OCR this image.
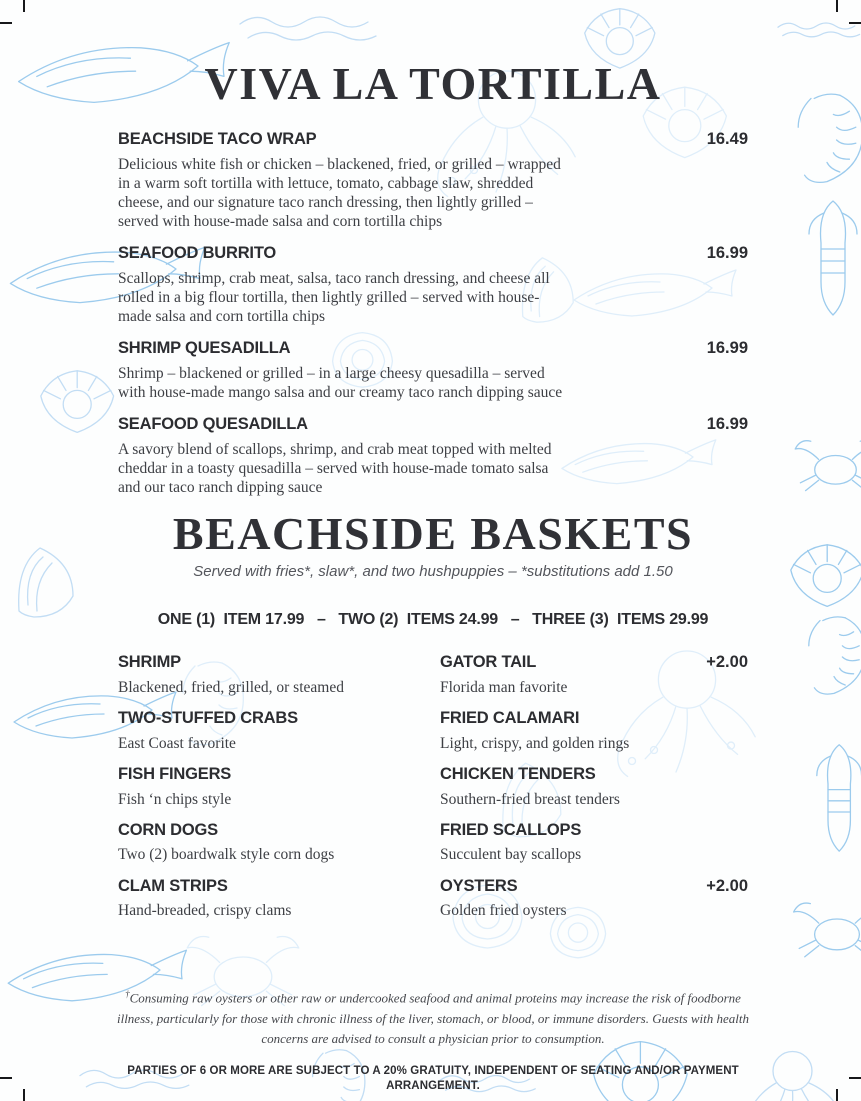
VIVA LA TORTILLA
BEACHSIDE TACO WRAP	16.49

Delicious white fish or chicken – blackened, fried, or grilled – wrapped in a warm soft tortilla with lettuce, tomato, cabbage slaw, shredded cheese, and our signature taco ranch dressing, then lightly grilled – served with house-made salsa and corn tortilla chips

SEAFOOD BURRITO	16.99

Scallops, shrimp, crab meat, salsa, taco ranch dressing, and cheese all rolled in a big flour tortilla, then lightly grilled – served with house-made salsa and corn tortilla chips

SHRIMP QUESADILLA	16.99

Shrimp – blackened or grilled – in a large cheesy quesadilla – served with house-made mango salsa and our creamy taco ranch dipping sauce

SEAFOOD QUESADILLA	16.99

A savory blend of scallops, shrimp, and crab meat topped with melted cheddar in a toasty quesadilla – served with house-made tomato salsa and our taco ranch dipping sauce

BEACHSIDE BASKETS

Served with fries*, slaw*, and two hushpuppies – *substitutions add 1.50

ONE (1)  ITEM 17.99   –   TWO (2)  ITEMS 24.99   –   THREE (3)  ITEMS 29.99

SHRIMP

Blackened, fried, grilled, or steamed

TWO-STUFFED CRABS

East Coast favorite

FISH FINGERS

Fish ‘n chips style

CORN DOGS

Two (2) boardwalk style corn dogs

CLAM STRIPS

Hand-breaded, crispy clams

GATOR TAIL	+2.00

Florida man favorite

FRIED CALAMARI

Light, crispy, and golden rings

CHICKEN TENDERS

Southern-fried breast tenders

FRIED SCALLOPS

Succulent bay scallops

OYSTERS	+2.00

Golden fried oysters

†Consuming raw oysters or other raw or undercooked seafood and animal proteins may increase the risk of foodborne illness, particularly for those with chronic illness of the liver, stomach, or blood, or immune disorders. Guests with health concerns are advised to consult a physician prior to consumption.

PARTIES OF 6 OR MORE ARE SUBJECT TO A 20% GRATUITY, INDEPENDENT OF SEATING AND/OR PAYMENT ARRANGEMENT.
